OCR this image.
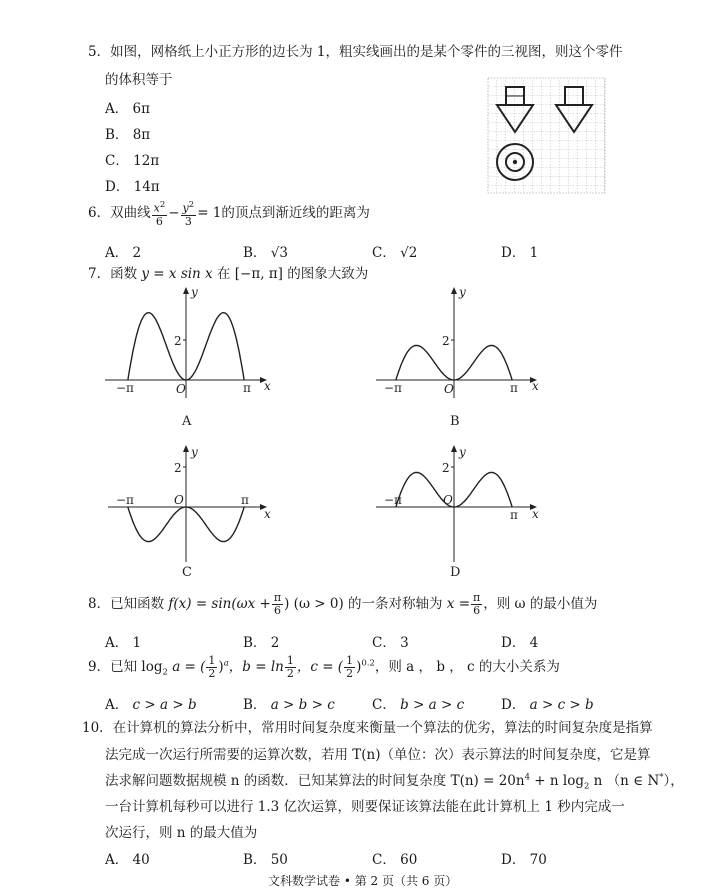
5．如图，网格纸上小正方形的边长为 1，粗实线画出的是某个零件的三视图，则这个零件
的体积等于
A． 6π
B． 8π
C． 12π
D． 14π
6．双曲线 $\frac{x^2}{6} - \frac{y^2}{3} = 1$的顶点到渐近线的距离为
A． 2	B． √3	C． √2	D． 1
7．函数 y = x sin x 在 [−π, π] 的图象大致为
y
x
O
−π	π
2
A
y
x
O
−π	π
2
B
y
x
O
−π	π
2
C
y
x
O
−π
π
2
D
8．已知函数 $f(x) = \sin(\omega x + \frac{\pi}{6}$ ) (ω > 0) 的一条对称轴为 $x = \frac{\pi}{6}$ ，则 ω 的最小值为
A． 1	B． 2	C． 3	D． 4
9．已知 $\log_2 a$ = ( $\frac{1}{2} )^a$，$b = \ln \frac{1}{2}$ ，c = ( $\frac{1}{2} )^{0.2}$，则 a ， b ， c 的大小关系为
A． c > a > b	B． a > b > c	C． b > a > c	D． a > c > b
10．在计算机的算法分析中，常用时间复杂度来衡量一个算法的优劣，算法的时间复杂度是指算
法完成一次运行所需要的运算次数，若用 T(n)（单位：次）表示算法的时间复杂度，它是算
法求解问题数据规模 n 的函数．已知某算法的时间复杂度 $T(n) = 20n^4 + n$ $\log_2 n$ （n ∈ N*），
一台计算机每秒可以进行 1.3 亿次运算，则要保证该算法能在此计算机上 1 秒内完成一
次运行，则 n 的最大值为
A． 40	B． 50	C． 60	D． 70
文科数学试卷 • 第 2 页（共 6 页）
